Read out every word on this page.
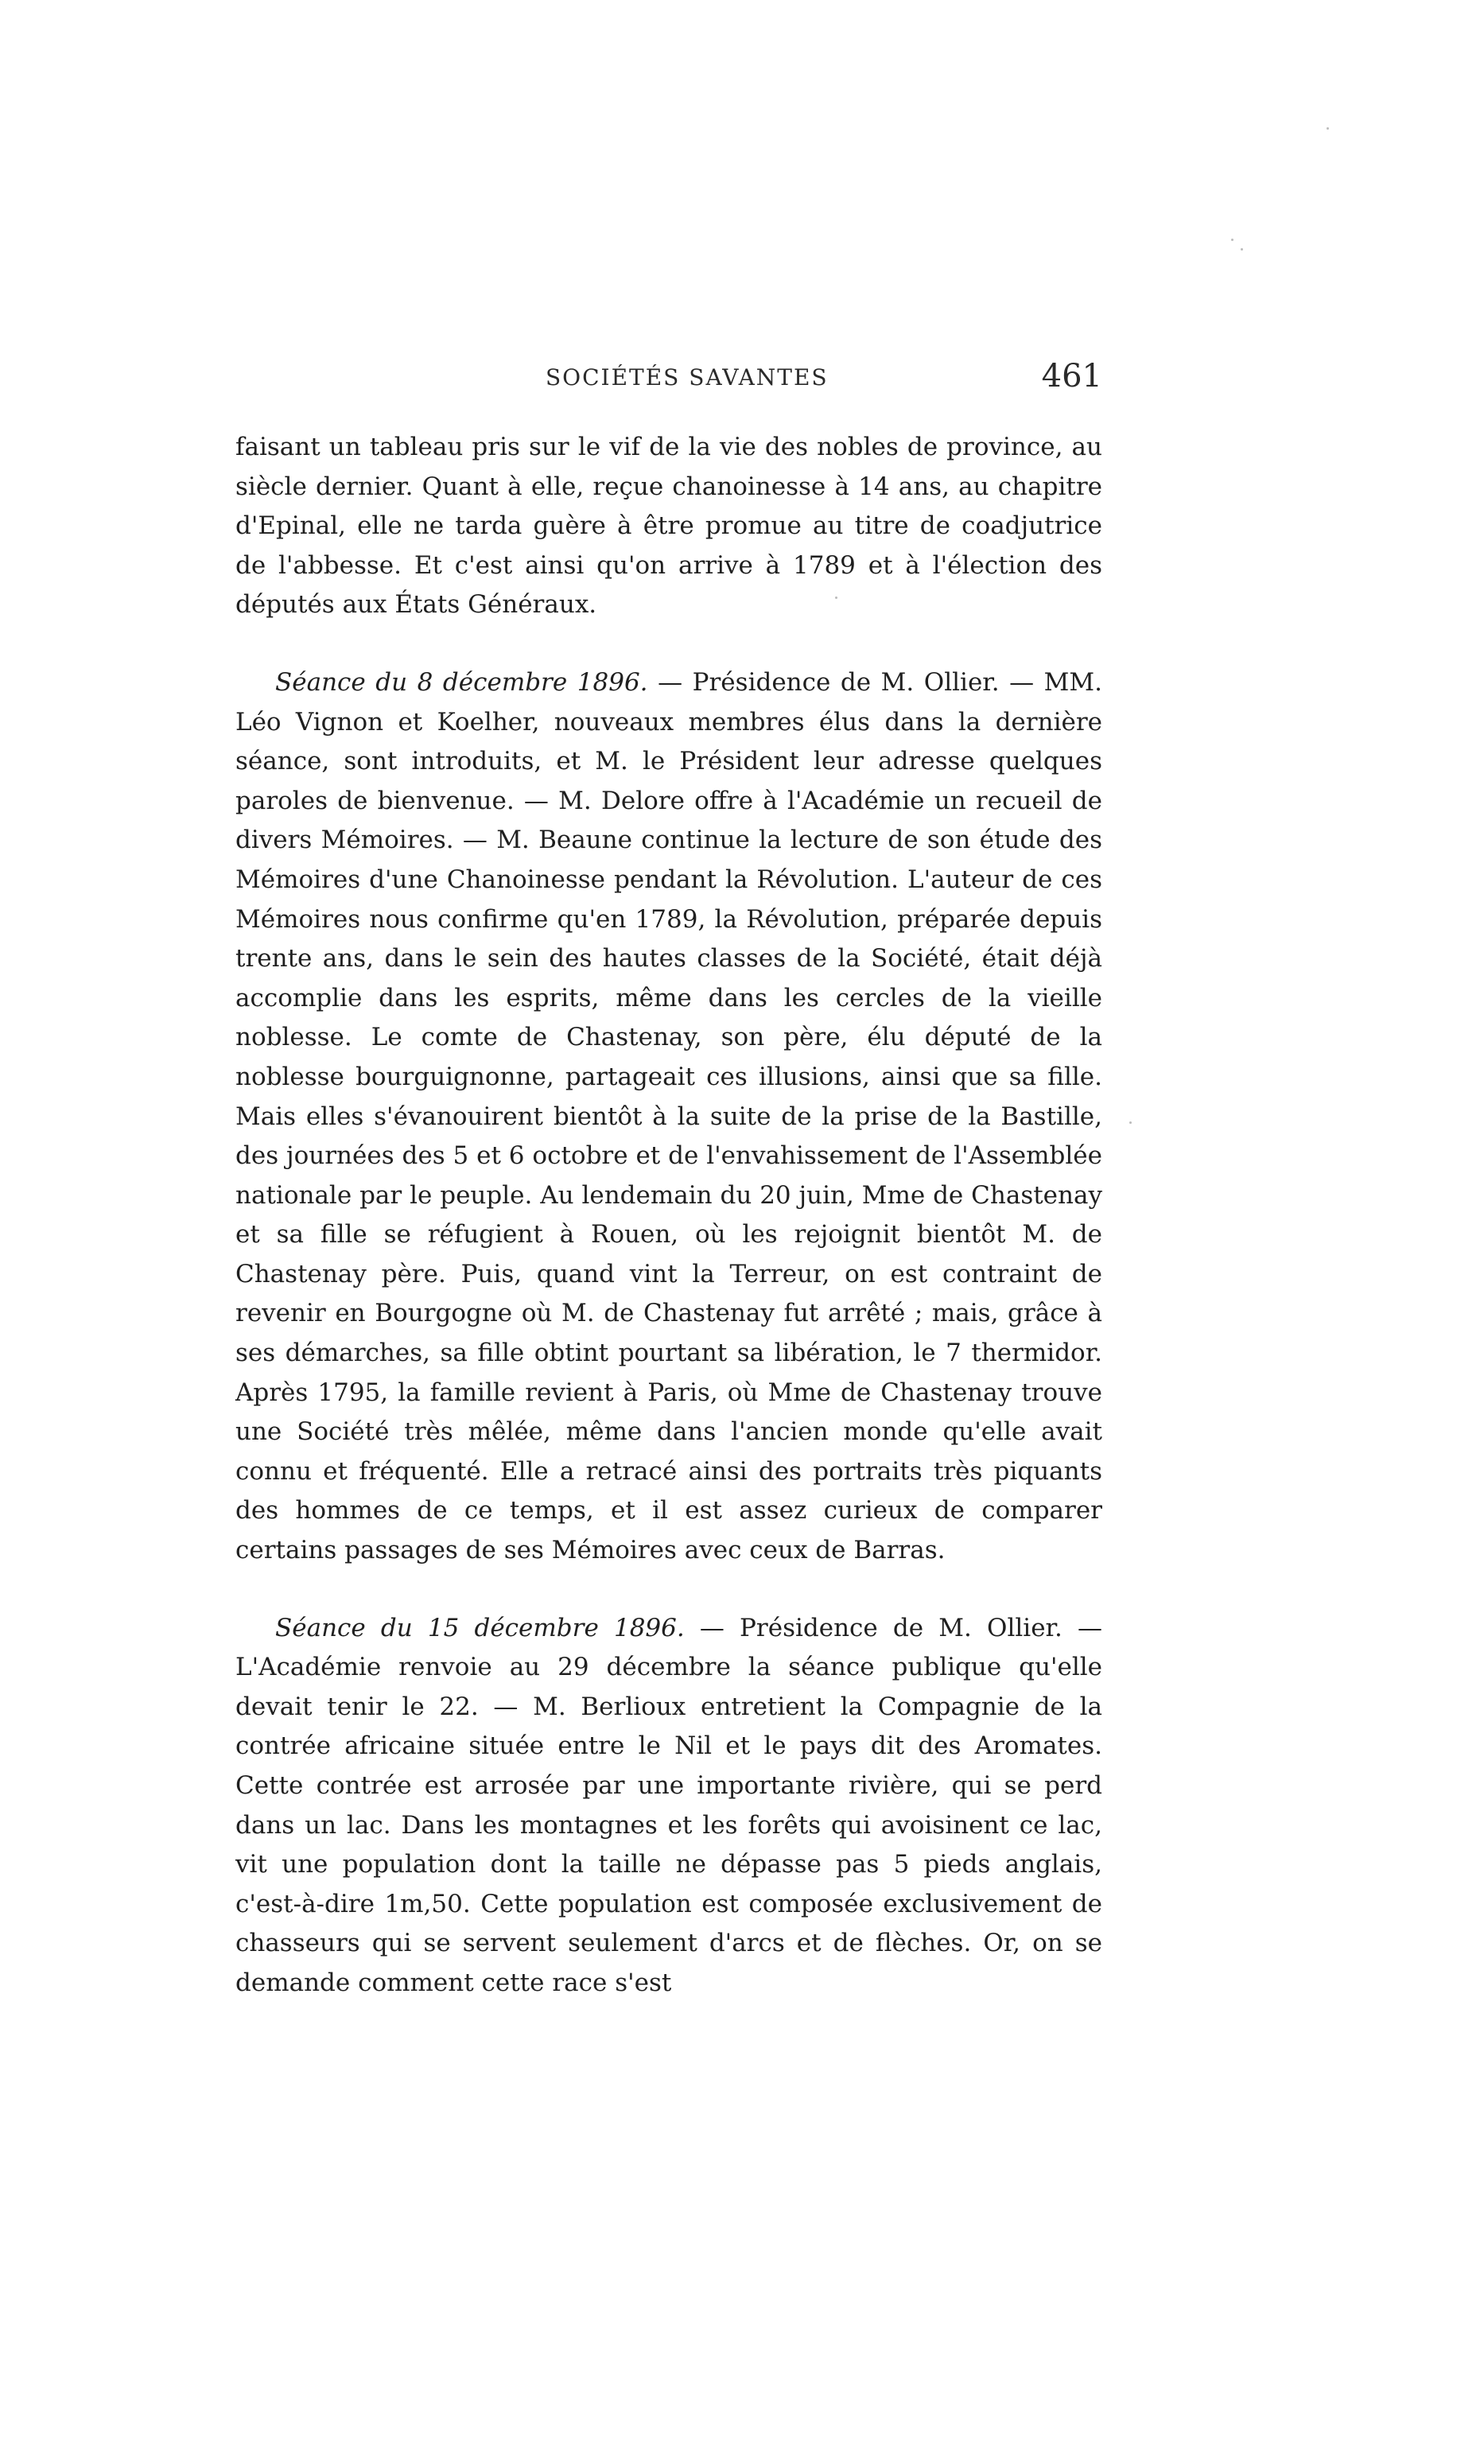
SOCIÉTÉS SAVANTES	461

faisant un tableau pris sur le vif de la vie des nobles de province, au siècle dernier. Quant à elle, reçue chanoinesse à 14 ans, au chapitre d'Epinal, elle ne tarda guère à être promue au titre de coadjutrice de l'abbesse. Et c'est ainsi qu'on arrive à 1789 et à l'élection des députés aux États Généraux.

Séance du 8 décembre 1896. — Présidence de M. Ollier. — MM. Léo Vignon et Koelher, nouveaux membres élus dans la dernière séance, sont introduits, et M. le Président leur adresse quelques paroles de bienvenue. — M. Delore offre à l'Académie un recueil de divers Mémoires. — M. Beaune continue la lecture de son étude des Mémoires d'une Chanoinesse pendant la Révolution. L'auteur de ces Mémoires nous confirme qu'en 1789, la Révolution, préparée depuis trente ans, dans le sein des hautes classes de la Société, était déjà accomplie dans les esprits, même dans les cercles de la vieille noblesse. Le comte de Chastenay, son père, élu député de la noblesse bourguignonne, partageait ces illusions, ainsi que sa fille. Mais elles s'évanouirent bientôt à la suite de la prise de la Bastille, des journées des 5 et 6 octobre et de l'envahissement de l'Assemblée nationale par le peuple. Au lendemain du 20 juin, Mme de Chastenay et sa fille se réfugient à Rouen, où les rejoignit bientôt M. de Chastenay père. Puis, quand vint la Terreur, on est contraint de revenir en Bourgogne où M. de Chastenay fut arrêté ; mais, grâce à ses démarches, sa fille obtint pourtant sa libération, le 7 thermidor. Après 1795, la famille revient à Paris, où Mme de Chastenay trouve une Société très mêlée, même dans l'ancien monde qu'elle avait connu et fréquenté. Elle a retracé ainsi des portraits très piquants des hommes de ce temps, et il est assez curieux de comparer certains passages de ses Mémoires avec ceux de Barras.

Séance du 15 décembre 1896. — Présidence de M. Ollier. — L'Académie renvoie au 29 décembre la séance publique qu'elle devait tenir le 22. — M. Berlioux entretient la Compagnie de la contrée africaine située entre le Nil et le pays dit des Aromates. Cette contrée est arrosée par une importante rivière, qui se perd dans un lac. Dans les montagnes et les forêts qui avoisinent ce lac, vit une population dont la taille ne dépasse pas 5 pieds anglais, c'est-à-dire 1m,50. Cette population est composée exclusivement de chasseurs qui se servent seulement d'arcs et de flèches. Or, on se demande comment cette race s'est
